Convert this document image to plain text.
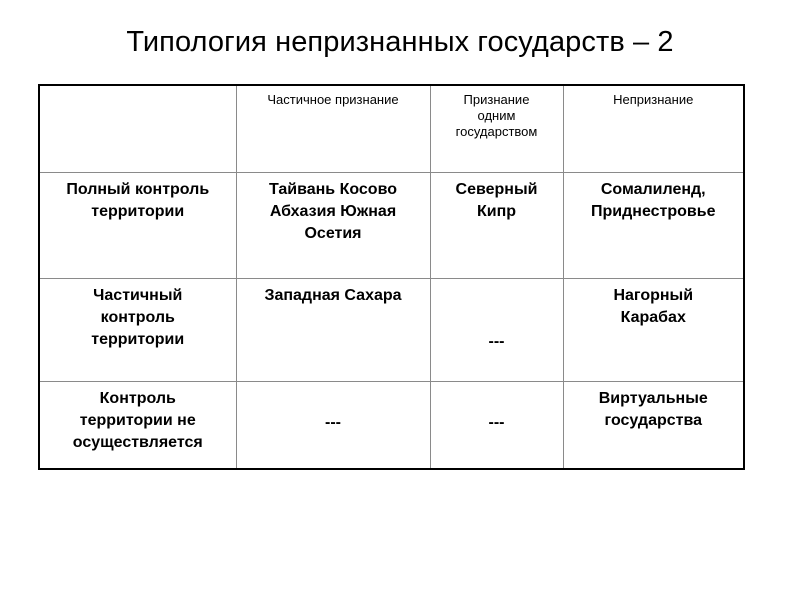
Типология непризнанных государств – 2
	Частичное признание	Признание одним государством	Непризнание

Полный контроль территории	Тайвань Косово Абхазия Южная Осетия	Северный Кипр	Сомалиленд, Приднестровье

Частичный контроль территории	Западная Сахара	---	Нагорный Карабах

Контроль территории не осуществляется	---	---	Виртуальные государства
